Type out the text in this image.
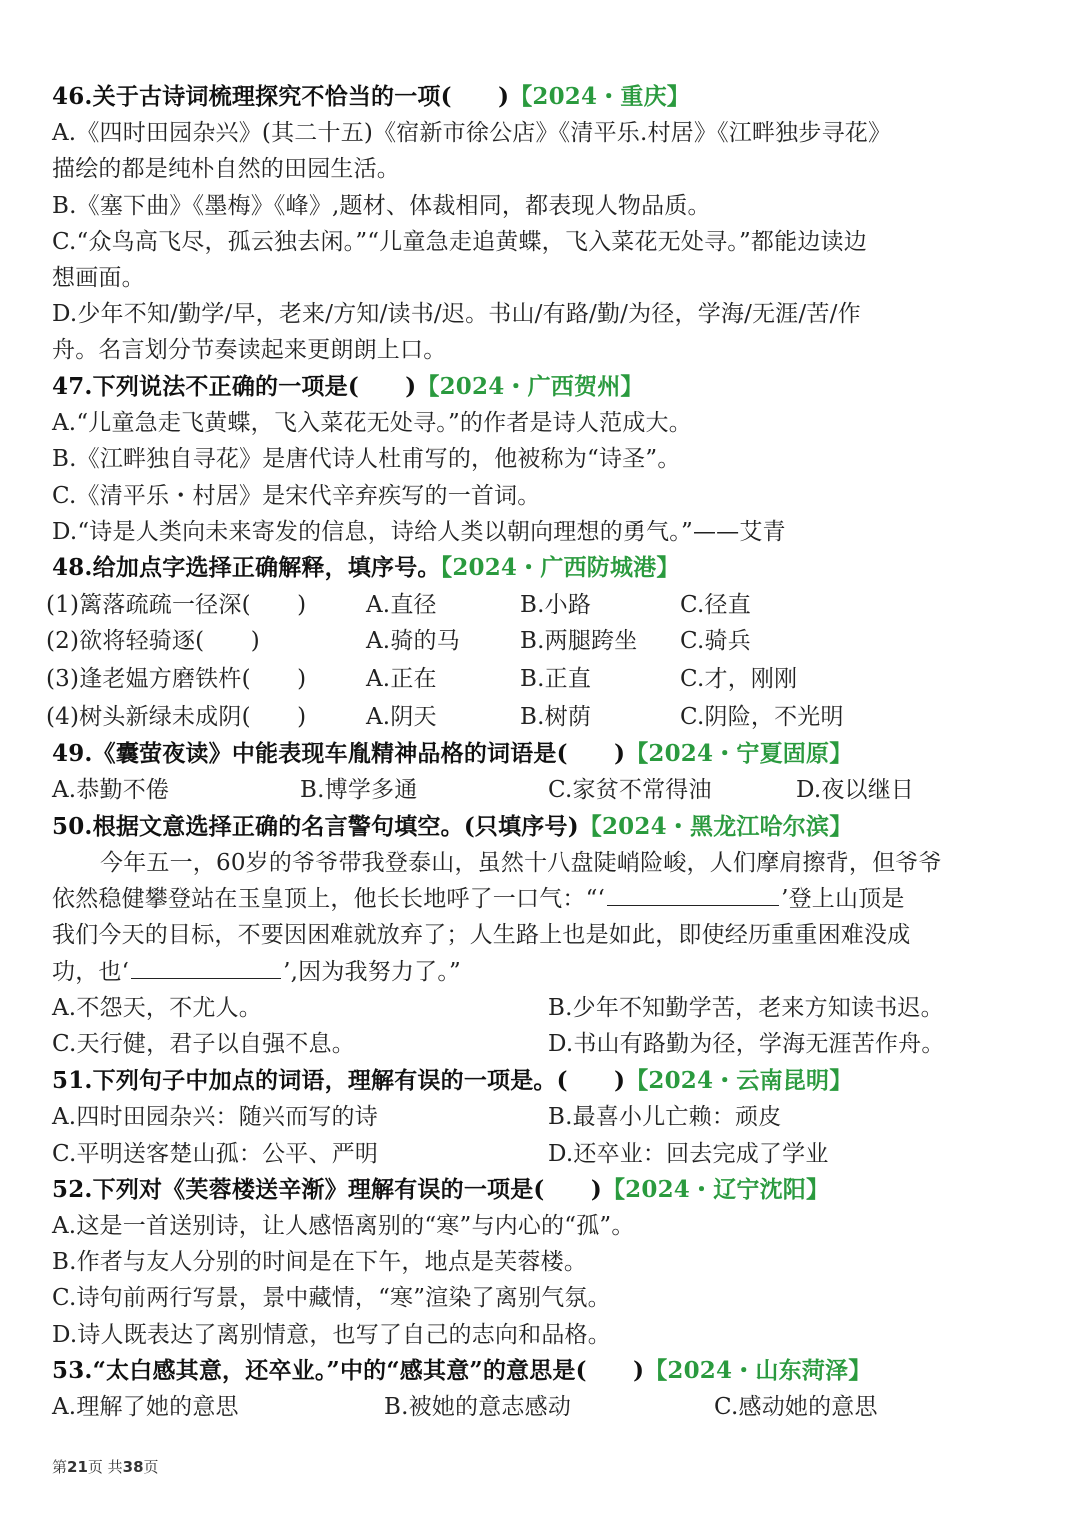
46.关于古诗词梳理探究不恰当的一项(　　)【2024・重庆】
A.《四时田园杂兴》(其二十五)《宿新市徐公店》《清平乐.村居》《江畔独步寻花》
描绘的都是纯朴自然的田园生活。
B.《塞下曲》《墨梅》《峰》,题材、体裁相同，都表现人物品质。
C.“众鸟高飞尽，孤云独去闲。”“儿童急走追黄蝶，飞入菜花无处寻。”都能边读边
想画面。
D.少年不知/勤学/早，老来/方知/读书/迟。书山/有路/勤/为径，学海/无涯/苦/作
舟。名言划分节奏读起来更朗朗上口。
47.下列说法不正确的一项是(　　)【2024・广西贺州】
A.“儿童急走飞黄蝶，飞入菜花无处寻。”的作者是诗人范成大。
B.《江畔独自寻花》是唐代诗人杜甫写的，他被称为“诗圣”。
C.《清平乐・村居》是宋代辛弃疾写的一首词。
D.“诗是人类向未来寄发的信息，诗给人类以朝向理想的勇气。”——艾青
48.给加点字选择正确解释，填序号。【2024・广西防城港】
(1)篱落疏疏一径深(　　)	A.直径	B.小路	C.径直
(2)欲将轻骑逐(　　)	A.骑的马	B.两腿跨坐 C.骑兵
(3)逢老媪方磨铁杵(　　)	A.正在	B.正直	C.才，刚刚
(4)树头新绿未成阴(　　)	A.阴天	B.树荫	C.阴险，不光明
49.《囊萤夜读》中能表现车胤精神品格的词语是(　　)【2024・宁夏固原】
A.恭勤不倦	B.博学多通	C.家贫不常得油	D.夜以继日
50.根据文意选择正确的名言警句填空。(只填序号)【2024・黑龙江哈尔滨】
今年五一，60岁的爷爷带我登泰山，虽然十八盘陡峭险峻，人们摩肩擦背，但爷爷
依然稳健攀登站在玉皇顶上，他长长地呼了一口气：“‘	’登上山顶是
我们今天的目标，不要因困难就放弃了；人生路上也是如此，即使经历重重困难没成
功，也‘	’,因为我努力了。”
A.不怨天，不尤人。	B.少年不知勤学苦，老来方知读书迟。
C.天行健，君子以自强不息。	D.书山有路勤为径，学海无涯苦作舟。
51.下列句子中加点的词语，理解有误的一项是。(　　)【2024・云南昆明】
A.四时田园杂兴：随兴而写的诗	B.最喜小儿亡赖：顽皮
C.平明送客楚山孤：公平、严明	D.还卒业：回去完成了学业
52.下列对《芙蓉楼送辛渐》理解有误的一项是(　　)【2024・辽宁沈阳】
A.这是一首送别诗，让人感悟离别的“寒”与内心的“孤”。
B.作者与友人分别的时间是在下午，地点是芙蓉楼。
C.诗句前两行写景，景中藏情，“寒”渲染了离别气氛。
D.诗人既表达了离别情意，也写了自己的志向和品格。
53.“太白感其意，还卒业。”中的“感其意”的意思是(　　)【2024・山东菏泽】
A.理解了她的意思	B.被她的意志感动	C.感动她的意思
第21页 共38页
